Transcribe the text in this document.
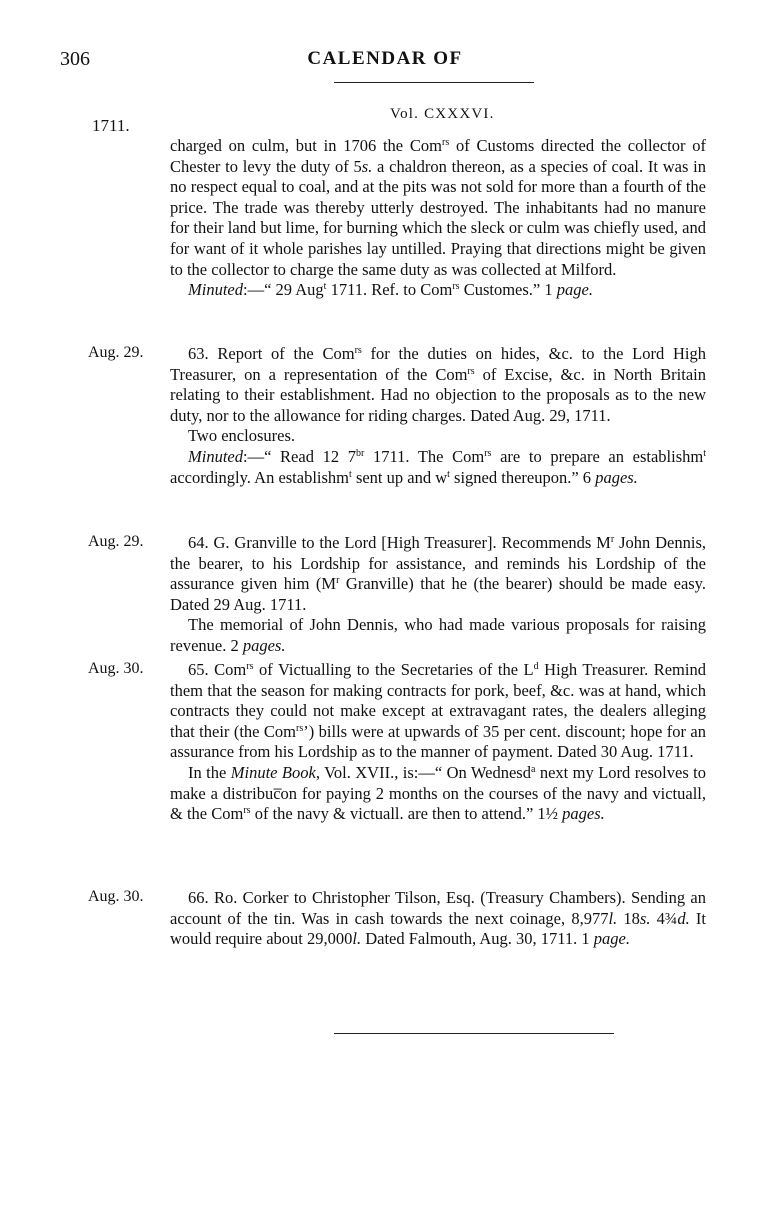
306	CALENDAR OF
Vol. CXXXVI.
1711.

charged on culm, but in 1706 the Com$^{rs}$ of Customs directed the collector of Chester to levy the duty of 5s. a chaldron thereon, as a species of coal. It was in no respect equal to coal, and at the pits was not sold for more than a fourth of the price. The trade was thereby utterly destroyed. The inhabitants had no manure for their land but lime, for burning which the sleck or culm was chiefly used, and for want of it whole parishes lay untilled. Praying that directions might be given to the collector to charge the same duty as was collected at Milford.

Minuted:—“ 29 Aug$^t$ 1711. Ref. to Com$^{rs}$ Customes.” 1 page.

Aug. 29.	63. Report of the Com$^{rs}$ for the duties on hides, &c. to the Lord High Treasurer, on a representation of the Com$^{rs}$ of Excise, &c. in North Britain relating to their establishment. Had no objection to the proposals as to the new duty, nor to the allowance for riding charges. Dated Aug. 29, 1711.

Two enclosures.

Minuted:—“ Read 12 $7^{br}$ 1711. The Com$^{rs}$ are to prepare an establishm$^t$ accordingly. An establishm$^t$ sent up and $w^t$ signed thereupon.” 6 pages.

Aug. 29.	64. G. Granville to the Lord [High Treasurer]. Recommends $M^r$ John Dennis, the bearer, to his Lordship for assistance, and reminds his Lordship of the assurance given him ($M^r$ Granville) that he (the bearer) should be made easy. Dated 29 Aug. 1711.

The memorial of John Dennis, who had made various proposals for raising revenue. 2 pages.

Aug. 30.	65. Com$^{rs}$ of Victualling to the Secretaries of the $L^d$ High Treasurer. Remind them that the season for making contracts for pork, beef, &c. was at hand, which contracts they could not make except at extravagant rates, the dealers alleging that their (the Com$^{rs}$’) bills were at upwards of 35 per cent. discount; hope for an assurance from his Lordship as to the manner of payment. Dated 30 Aug. 1711.

In the Minute Book, Vol. XVII., is:—“ On Wednesd$^a$ next my Lord resolves to make a distribuc̅on for paying 2 months on the courses of the navy and victuall, & the Com$^{rs}$ of the navy & victuall. are then to attend.” 1½ pages.

Aug. 30.	66. Ro. Corker to Christopher Tilson, Esq. (Treasury Chambers). Sending an account of the tin. Was in cash towards the next coinage, 8,977l. 18s. 4¾d. It would require about 29,000l. Dated Falmouth, Aug. 30, 1711. 1 page.
